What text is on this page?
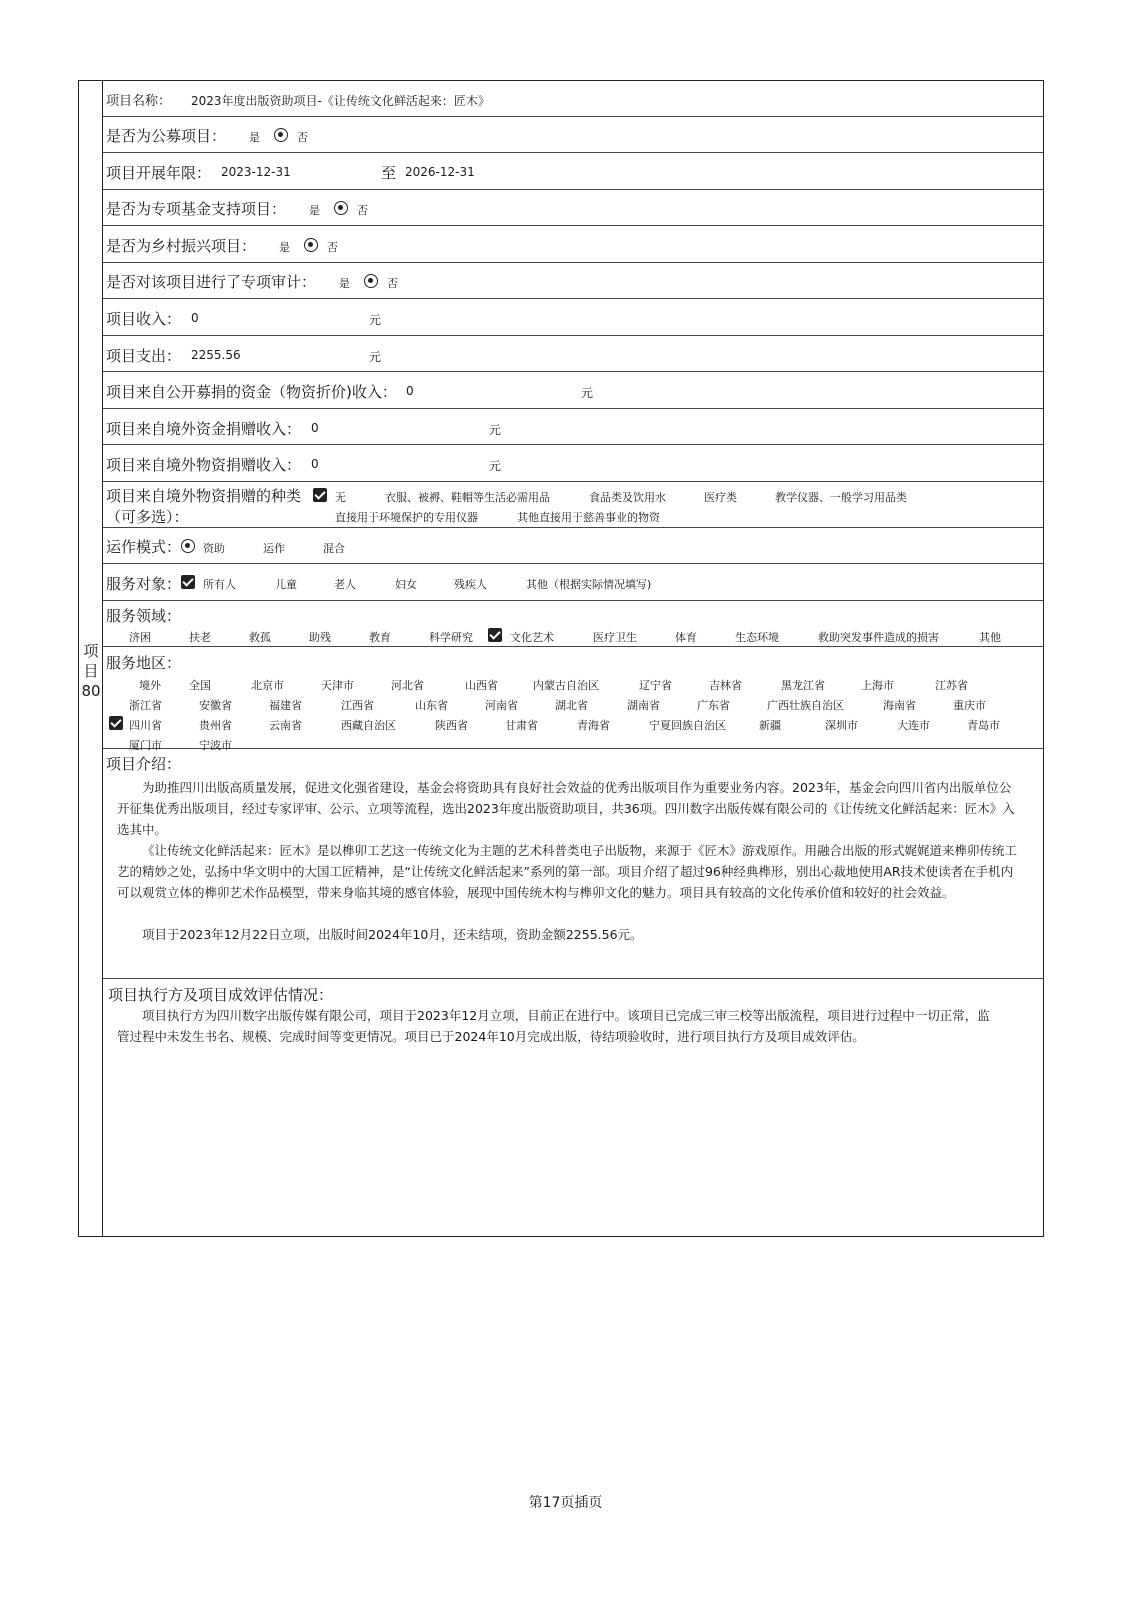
项
目
80
项目名称： 2023年度出版资助项目-《让传统文化鲜活起来：匠木》
是否为公募项目： 是	否
项目开展年限： 2023-12-31	至 2026-12-31
是否为专项基金支持项目： 是	否
是否为乡村振兴项目： 是	否
是否对该项目进行了专项审计： 是	否
项目收入： 0	元
项目支出： 2255.56	元
项目来自公开募捐的资金（物资折价)收入： 0	元
项目来自境外资金捐赠收入： 0	元
项目来自境外物资捐赠收入： 0	元
项目来自境外物资捐赠的种类
（可多选）：
无	衣服、被褥、鞋帽等生活必需用品	食品类及饮用水	医疗类	教学仪器、一般学习用品类
直接用于环境保护的专用仪器	其他直接用于慈善事业的物资
运作模式： 资助	运作	混合
服务对象： 所有人	儿童	老人	妇女	残疾人	其他（根据实际情况填写)
服务领域：
济困	扶老	救孤	助残	教育	科学研究	文化艺术	医疗卫生	体育	生态环境	救助突发事件造成的损害	其他
服务地区：
境外	全国	北京市	天津市	河北省	山西省	内蒙古自治区	辽宁省	吉林省	黑龙江省	上海市	江苏省
浙江省	安徽省	福建省	江西省	山东省	河南省	湖北省	湖南省	广东省	广西壮族自治区	海南省	重庆市
四川省	贵州省	云南省	西藏自治区	陕西省	甘肃省	青海省	宁夏回族自治区	新疆	深圳市	大连市	青岛市
厦门市	宁波市
项目介绍：
为助推四川出版高质量发展，促进文化强省建设，基金会将资助具有良好社会效益的优秀出版项目作为重要业务内容。2023年，基金会向四川省内出版单位公开征集优秀出版项目，经过专家评审、公示、立项等流程，选出2023年度出版资助项目，共36项。四川数字出版传媒有限公司的《让传统文化鲜活起来：匠木》入选其中。
《让传统文化鲜活起来：匠木》是以榫卯工艺这一传统文化为主题的艺术科普类电子出版物，来源于《匠木》游戏原作。用融合出版的形式娓娓道来榫卯传统工艺的精妙之处，弘扬中华文明中的大国工匠精神，是“让传统文化鲜活起来”系列的第一部。项目介绍了超过96种经典榫形，别出心裁地使用AR技术使读者在手机内可以观赏立体的榫卯艺术作品模型，带来身临其境的感官体验，展现中国传统木构与榫卯文化的魅力。项目具有较高的文化传承价值和较好的社会效益。
项目于2023年12月22日立项，出版时间2024年10月，还未结项，资助金额2255.56元。
项目执行方及项目成效评估情况：
项目执行方为四川数字出版传媒有限公司，项目于2023年12月立项，目前正在进行中。该项目已完成三审三校等出版流程，项目进行过程中一切正常，监管过程中未发生书名、规模、完成时间等变更情况。项目已于2024年10月完成出版，待结项验收时，进行项目执行方及项目成效评估。
第17页插页
